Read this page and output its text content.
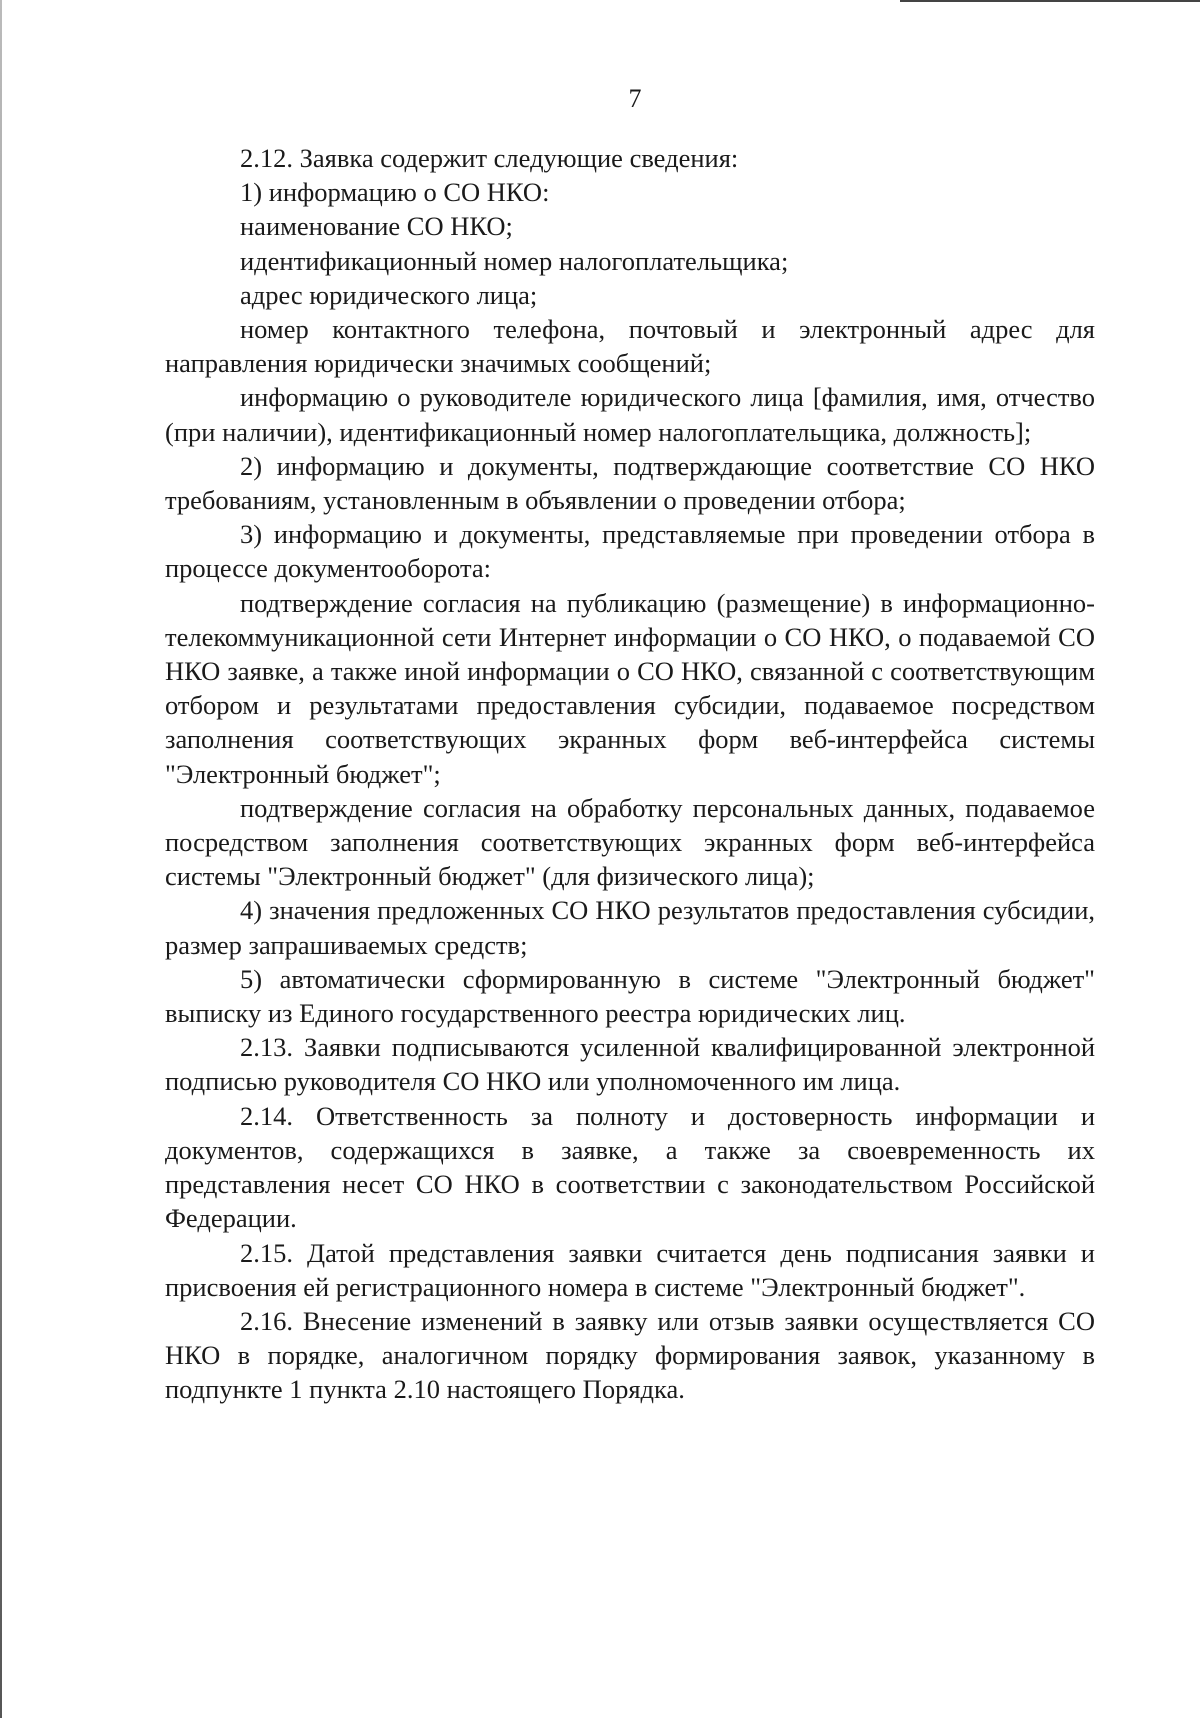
7

2.12. Заявка содержит следующие сведения:

1) информацию о СО НКО:

наименование СО НКО;

идентификационный номер налогоплательщика;

адрес юридического лица;

номер контактного телефона, почтовый и электронный адрес для направления юридически значимых сообщений;

информацию о руководителе юридического лица [фамилия, имя, отчество (при наличии), идентификационный номер налогоплательщика, должность];

2) информацию и документы, подтверждающие соответствие СО НКО требованиям, установленным в объявлении о проведении отбора;

3) информацию и документы, представляемые при проведении отбора в процессе документооборота:

подтверждение согласия на публикацию (размещение) в информационно-телекоммуникационной сети Интернет информации о СО НКО, о подаваемой СО НКО заявке, а также иной информации о СО НКО, связанной с соответствующим отбором и результатами предоставления субсидии, подаваемое посредством заполнения соответствующих экранных форм веб-интерфейса системы "Электронный бюджет";

подтверждение согласия на обработку персональных данных, подаваемое посредством заполнения соответствующих экранных форм веб-интерфейса системы "Электронный бюджет" (для физического лица);

4) значения предложенных СО НКО результатов предоставления субсидии, размер запрашиваемых средств;

5) автоматически сформированную в системе "Электронный бюджет" выписку из Единого государственного реестра юридических лиц.

2.13. Заявки подписываются усиленной квалифицированной электронной подписью руководителя СО НКО или уполномоченного им лица.

2.14. Ответственность за полноту и достоверность информации и документов, содержащихся в заявке, а также за своевременность их представления несет СО НКО в соответствии с законодательством Российской Федерации.

2.15. Датой представления заявки считается день подписания заявки и присвоения ей регистрационного номера в системе "Электронный бюджет".

2.16. Внесение изменений в заявку или отзыв заявки осуществляется СО НКО в порядке, аналогичном порядку формирования заявок, указанному в подпункте 1 пункта 2.10 настоящего Порядка.
